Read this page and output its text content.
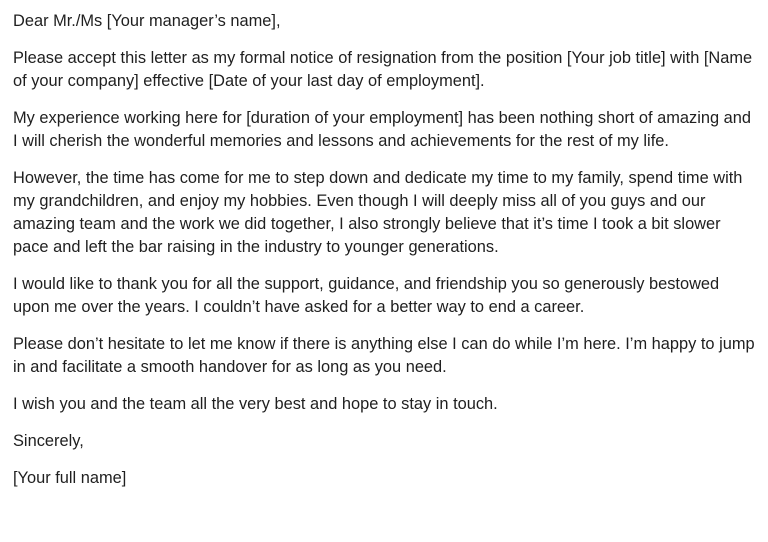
Dear Mr./Ms [Your manager’s name],

Please accept this letter as my formal notice of resignation from the position [Your job title] with [Name of your company] effective [Date of your last day of employment].

My experience working here for [duration of your employment] has been nothing short of amazing and I will cherish the wonderful memories and lessons and achievements for the rest of my life.

However, the time has come for me to step down and dedicate my time to my family, spend time with my grandchildren, and enjoy my hobbies. Even though I will deeply miss all of you guys and our amazing team and the work we did together, I also strongly believe that it’s time I took a bit slower pace and left the bar raising in the industry to younger generations.

I would like to thank you for all the support, guidance, and friendship you so generously bestowed upon me over the years. I couldn’t have asked for a better way to end a career.

Please don’t hesitate to let me know if there is anything else I can do while I’m here. I’m happy to jump in and facilitate a smooth handover for as long as you need.

I wish you and the team all the very best and hope to stay in touch.

Sincerely,

[Your full name]
